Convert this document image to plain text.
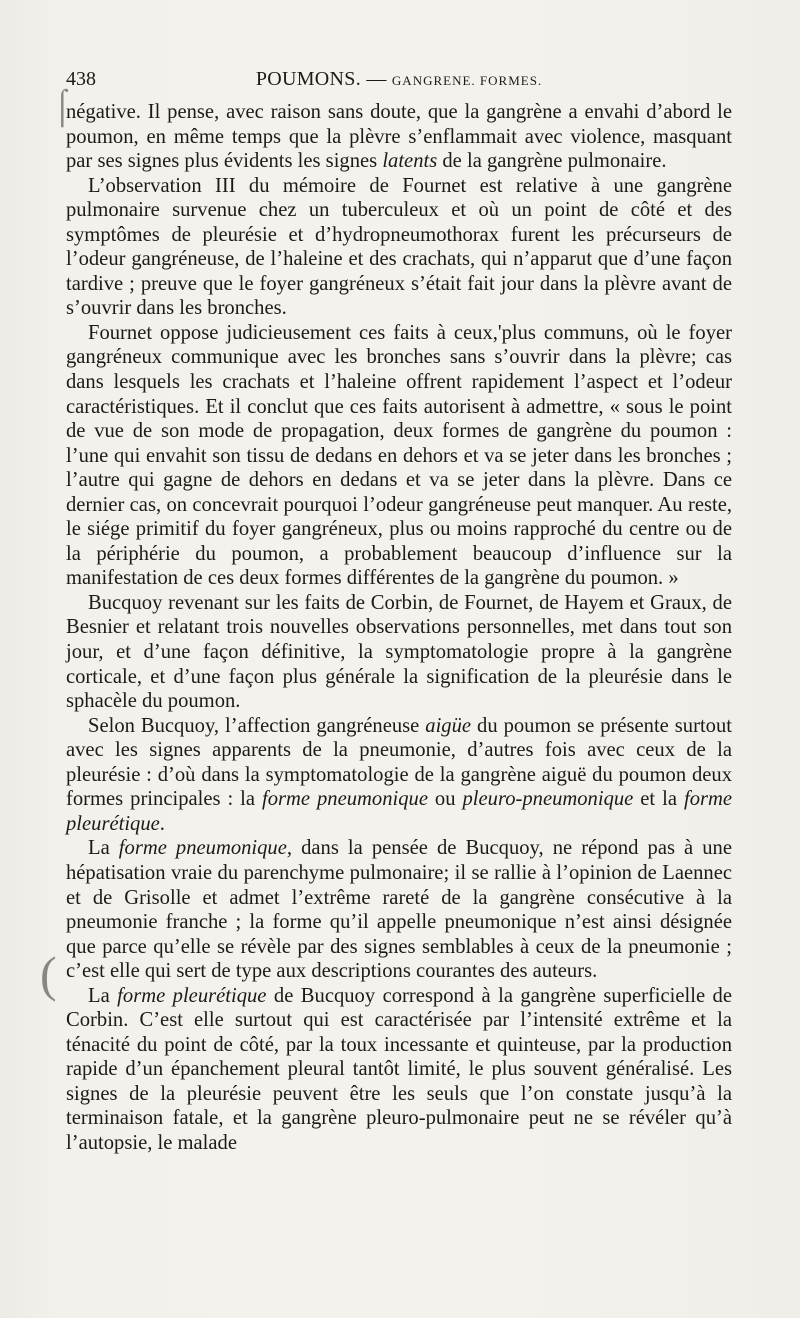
438	POUMONS. — GANGRENE. FORMES.
⌠
(

négative. Il pense, avec raison sans doute, que la gangrène a envahi d’abord le poumon, en même temps que la plèvre s’enflammait avec violence, masquant par ses signes plus évidents les signes latents de la gangrène pulmonaire.

L’observation III du mémoire de Fournet est relative à une gangrène pulmonaire survenue chez un tuberculeux et où un point de côté et des symptômes de pleurésie et d’hydropneumothorax furent les précurseurs de l’odeur gangréneuse, de l’haleine et des crachats, qui n’apparut que d’une façon tardive ; preuve que le foyer gangréneux s’était fait jour dans la plèvre avant de s’ouvrir dans les bronches.

Fournet oppose judicieusement ces faits à ceux,'plus communs, où le foyer gangréneux communique avec les bronches sans s’ouvrir dans la plèvre; cas dans lesquels les crachats et l’haleine offrent rapidement l’aspect et l’odeur caractéristiques. Et il conclut que ces faits autorisent à admettre, « sous le point de vue de son mode de propagation, deux formes de gangrène du poumon : l’une qui envahit son tissu de dedans en dehors et va se jeter dans les bronches ; l’autre qui gagne de dehors en dedans et va se jeter dans la plèvre. Dans ce dernier cas, on concevrait pourquoi l’odeur gangréneuse peut manquer. Au reste, le siége primitif du foyer gangréneux, plus ou moins rapproché du centre ou de la périphérie du poumon, a probablement beaucoup d’influence sur la manifestation de ces deux formes différentes de la gangrène du poumon. »

Bucquoy revenant sur les faits de Corbin, de Fournet, de Hayem et Graux, de Besnier et relatant trois nouvelles observations personnelles, met dans tout son jour, et d’une façon définitive, la symptomatologie propre à la gangrène corticale, et d’une façon plus générale la signification de la pleurésie dans le sphacèle du poumon.

Selon Bucquoy, l’affection gangréneuse aigüe du poumon se présente surtout avec les signes apparents de la pneumonie, d’autres fois avec ceux de la pleurésie : d’où dans la symptomatologie de la gangrène aiguë du poumon deux formes principales : la forme pneumonique ou pleuro-pneumonique et la forme pleurétique.

La forme pneumonique, dans la pensée de Bucquoy, ne répond pas à une hépatisation vraie du parenchyme pulmonaire; il se rallie à l’opinion de Laennec et de Grisolle et admet l’extrême rareté de la gangrène consécutive à la pneumonie franche ; la forme qu’il appelle pneumonique n’est ainsi désignée que parce qu’elle se révèle par des signes semblables à ceux de la pneumonie ; c’est elle qui sert de type aux descriptions courantes des auteurs.

La forme pleurétique de Bucquoy correspond à la gangrène superficielle de Corbin. C’est elle surtout qui est caractérisée par l’intensité extrême et la ténacité du point de côté, par la toux incessante et quinteuse, par la production rapide d’un épanchement pleural tantôt limité, le plus souvent généralisé. Les signes de la pleurésie peuvent être les seuls que l’on constate jusqu’à la terminaison fatale, et la gangrène pleuro-pulmonaire peut ne se révéler qu’à l’autopsie, le malade
